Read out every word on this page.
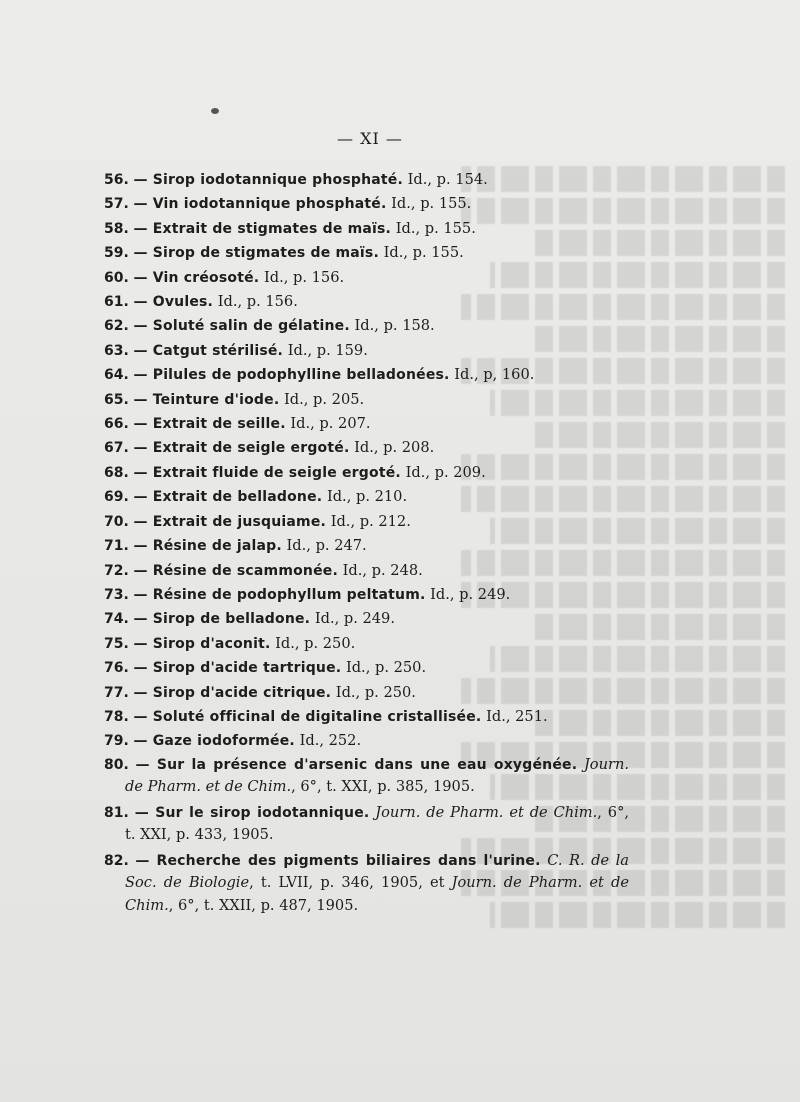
— XI —
56. — Sirop iodotannique phosphaté. Id., p. 154.
57. — Vin iodotannique phosphaté. Id., p. 155.
58. — Extrait de stigmates de maïs. Id., p. 155.
59. — Sirop de stigmates de maïs. Id., p. 155.
60. — Vin créosoté. Id., p. 156.
61. — Ovules. Id., p. 156.
62. — Soluté salin de gélatine. Id., p. 158.
63. — Catgut stérilisé. Id., p. 159.
64. — Pilules de podophylline belladonées. Id., p, 160.
65. — Teinture d'iode. Id., p. 205.
66. — Extrait de seille. Id., p. 207.
67. — Extrait de seigle ergoté. Id., p. 208.
68. — Extrait fluide de seigle ergoté. Id., p. 209.
69. — Extrait de belladone. Id., p. 210.
70. — Extrait de jusquiame. Id., p. 212.
71. — Résine de jalap. Id., p. 247.
72. — Résine de scammonée. Id., p. 248.
73. — Résine de podophyllum peltatum. Id., p. 249.
74. — Sirop de belladone. Id., p. 249.
75. — Sirop d'aconit. Id., p. 250.
76. — Sirop d'acide tartrique. Id., p. 250.
77. — Sirop d'acide citrique. Id., p. 250.
78. — Soluté officinal de digitaline cristallisée. Id., 251.
79. — Gaze iodoformée. Id., 252.
80. — Sur la présence d'arsenic dans une eau oxygénée. Journ. de Pharm. et de Chim., 6°, t. XXI, p. 385, 1905.
81. — Sur le sirop iodotannique. Journ. de Pharm. et de Chim., 6°, t. XXI, p. 433, 1905.
82. — Recherche des pigments biliaires dans l'urine. C. R. de la Soc. de Biologie, t. LVII, p. 346, 1905, et Journ. de Pharm. et de Chim., 6°, t. XXII, p. 487, 1905.
